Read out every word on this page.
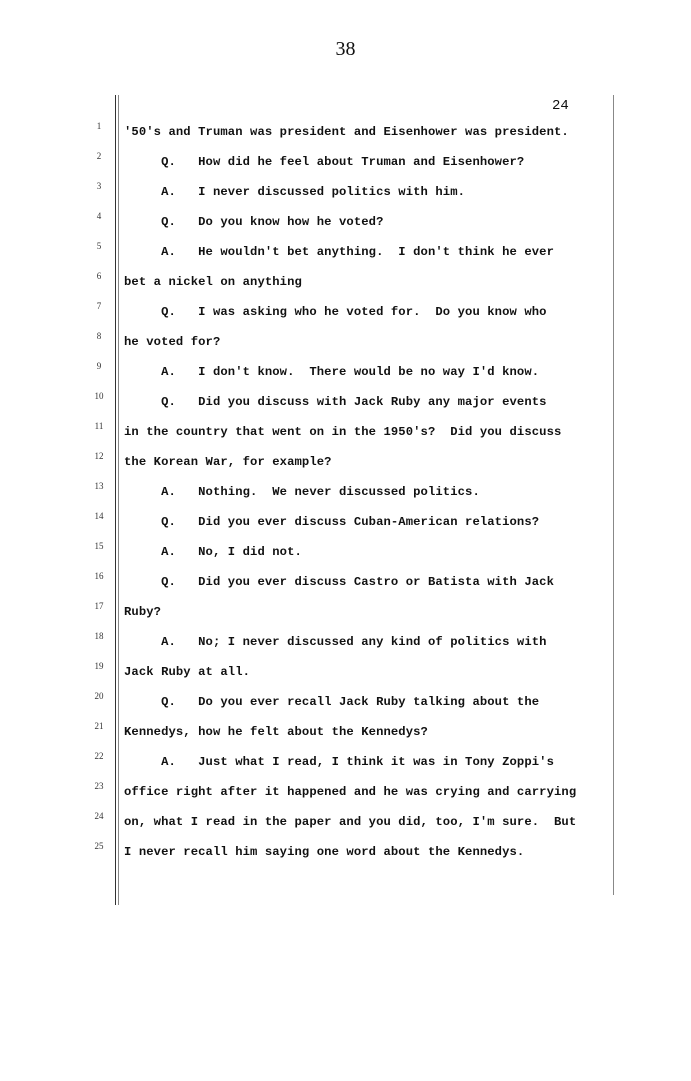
38
24
1	'50's and Truman was president and Eisenhower was president.
2	Q.   How did he feel about Truman and Eisenhower?
3	A.   I never discussed politics with him.
4	Q.   Do you know how he voted?
5	A.   He wouldn't bet anything.  I don't think he ever
6	bet a nickel on anything
7	Q.   I was asking who he voted for.  Do you know who
8	he voted for?
9	A.   I don't know.  There would be no way I'd know.
10	Q.   Did you discuss with Jack Ruby any major events
11	in the country that went on in the 1950's?  Did you discuss
12	the Korean War, for example?
13	A.   Nothing.  We never discussed politics.
14	Q.   Did you ever discuss Cuban-American relations?
15	A.   No, I did not.
16	Q.   Did you ever discuss Castro or Batista with Jack
17	Ruby?
18	A.   No; I never discussed any kind of politics with
19	Jack Ruby at all.
20	Q.   Do you ever recall Jack Ruby talking about the
21	Kennedys, how he felt about the Kennedys?
22	A.   Just what I read, I think it was in Tony Zoppi's
23	office right after it happened and he was crying and carrying
24	on, what I read in the paper and you did, too, I'm sure.  But
25	I never recall him saying one word about the Kennedys.
